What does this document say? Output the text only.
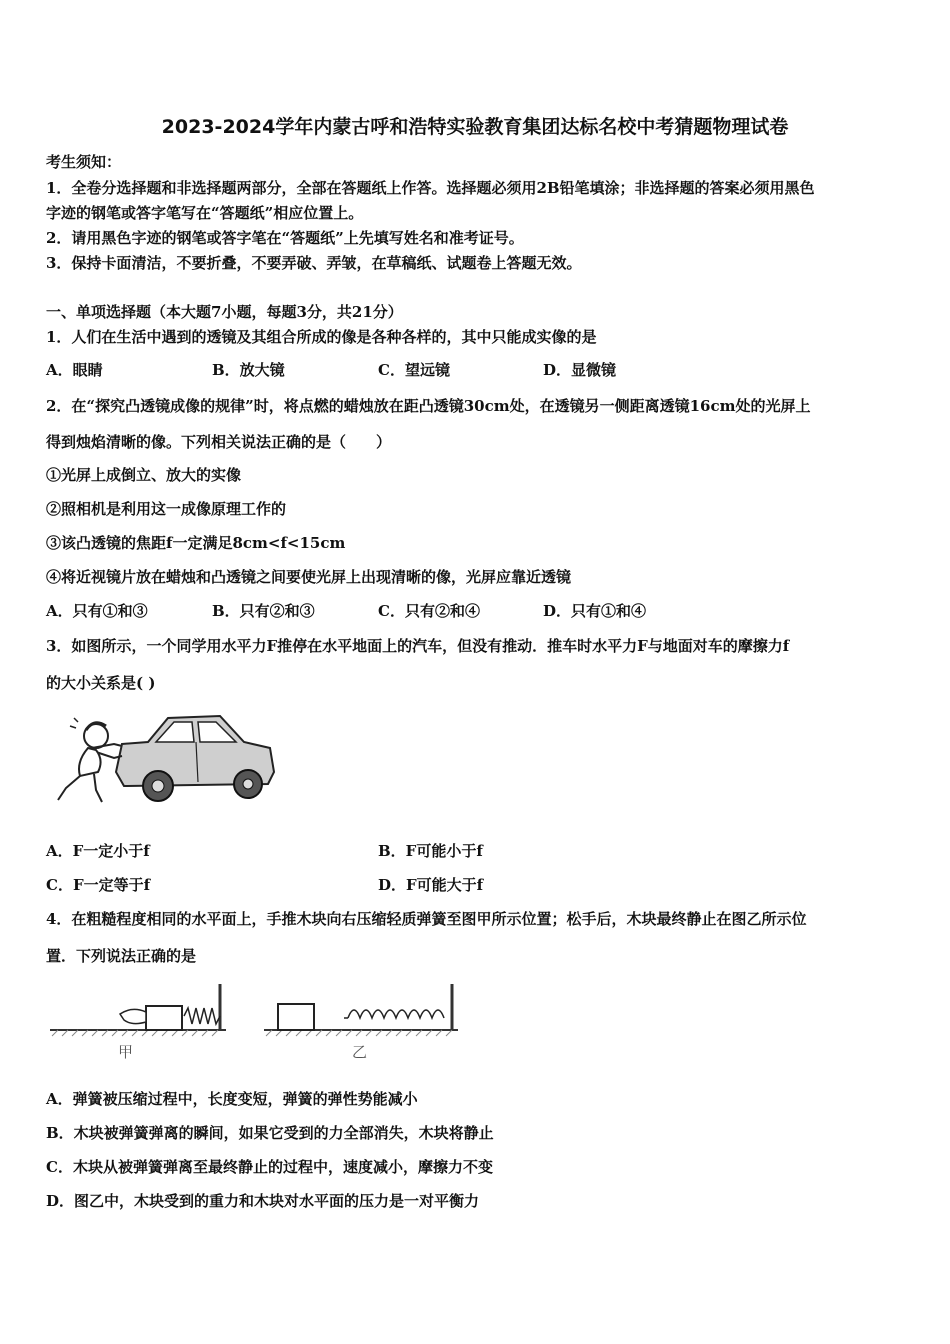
2023-2024学年内蒙古呼和浩特实验教育集团达标名校中考猜题物理试卷
考生须知：
1．全卷分选择题和非选择题两部分，全部在答题纸上作答。选择题必须用2B铅笔填涂；非选择题的答案必须用黑色
字迹的钢笔或答字笔写在“答题纸”相应位置上。
2．请用黑色字迹的钢笔或答字笔在“答题纸”上先填写姓名和准考证号。
3．保持卡面清洁，不要折叠，不要弄破、弄皱，在草稿纸、试题卷上答题无效。
一、单项选择题（本大题7小题，每题3分，共21分）
1．人们在生活中遇到的透镜及其组合所成的像是各种各样的，其中只能成实像的是
A．眼睛	B．放大镜	C．望远镜	D．显微镜
2．在“探究凸透镜成像的规律”时，将点燃的蜡烛放在距凸透镜30cm处，在透镜另一侧距离透镜16cm处的光屏上
得到烛焰清晰的像。下列相关说法正确的是（　　）
①光屏上成倒立、放大的实像
②照相机是利用这一成像原理工作的
③该凸透镜的焦距f一定满足8cm<f<15cm
④将近视镜片放在蜡烛和凸透镜之间要使光屏上出现清晰的像，光屏应靠近透镜
A．只有①和③	B．只有②和③	C．只有②和④	D．只有①和④
3．如图所示，一个同学用水平力F推停在水平地面上的汽车，但没有推动．推车时水平力F与地面对车的摩擦力f
的大小关系是( )
A．F一定小于f	B．F可能小于f
C．F一定等于f	D．F可能大于f
4．在粗糙程度相同的水平面上，手推木块向右压缩轻质弹簧至图甲所示位置；松手后，木块最终静止在图乙所示位
置．下列说法正确的是
甲	乙
A．弹簧被压缩过程中，长度变短，弹簧的弹性势能减小
B．木块被弹簧弹离的瞬间，如果它受到的力全部消失，木块将静止
C．木块从被弹簧弹离至最终静止的过程中，速度减小，摩擦力不变
D．图乙中，木块受到的重力和木块对水平面的压力是一对平衡力
